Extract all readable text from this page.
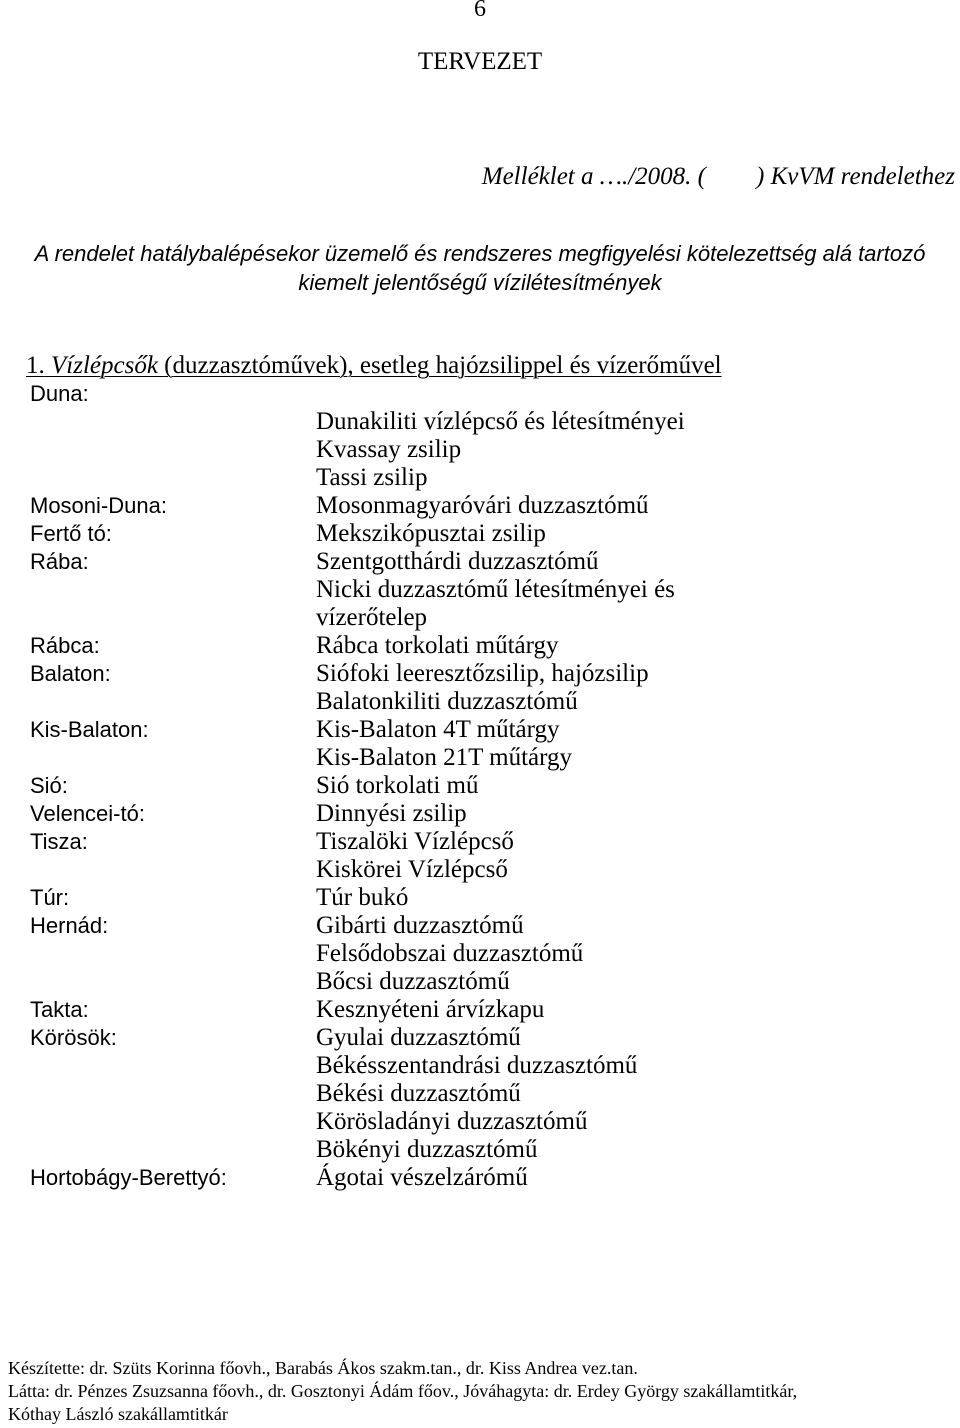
6
TERVEZET
Melléklet a …./2008. (        ) KvVM rendelethez
A rendelet hatálybalépésekor üzemelő és rendszeres megfigyelési kötelezettség alá tartozó
kiemelt jelentőségű vízilétesítmények
1. Vízlépcsők (duzzasztóművek), esetleg hajózsilippel és vízerőművel
Duna:
Dunakiliti vízlépcső és létesítményei
Kvassay zsilip
Tassi zsilip
Mosoni-Duna:	Mosonmagyaróvári duzzasztómű
Fertő tó:	Mekszikópusztai zsilip
Rába:	Szentgotthárdi duzzasztómű
Nicki duzzasztómű létesítményei és vízerőtelep
Rábca:	Rábca torkolati műtárgy
Balaton:	Siófoki leeresztőzsilip, hajózsilip
Balatonkiliti duzzasztómű
Kis-Balaton:	Kis-Balaton 4T műtárgy
Kis-Balaton 21T műtárgy
Sió:	Sió torkolati mű
Velencei-tó:	Dinnyési zsilip
Tisza:	Tiszalöki Vízlépcső
Kiskörei Vízlépcső
Túr:	Túr bukó
Hernád:	Gibárti duzzasztómű
Felsődobszai duzzasztómű
Bőcsi duzzasztómű
Takta:	Kesznyéteni árvízkapu
Körösök:	Gyulai duzzasztómű
Békésszentandrási duzzasztómű
Békési duzzasztómű
Körösladányi duzzasztómű
Bökényi duzzasztómű
Hortobágy-Berettyó:	Ágotai vészelzárómű
Készítette: dr. Szüts Korinna főovh., Barabás Ákos szakm.tan., dr. Kiss Andrea vez.tan.
Látta: dr. Pénzes Zsuzsanna főovh., dr. Gosztonyi Ádám főov., Jóváhagyta: dr. Erdey György szakállamtitkár,
Kóthay László szakállamtitkár
